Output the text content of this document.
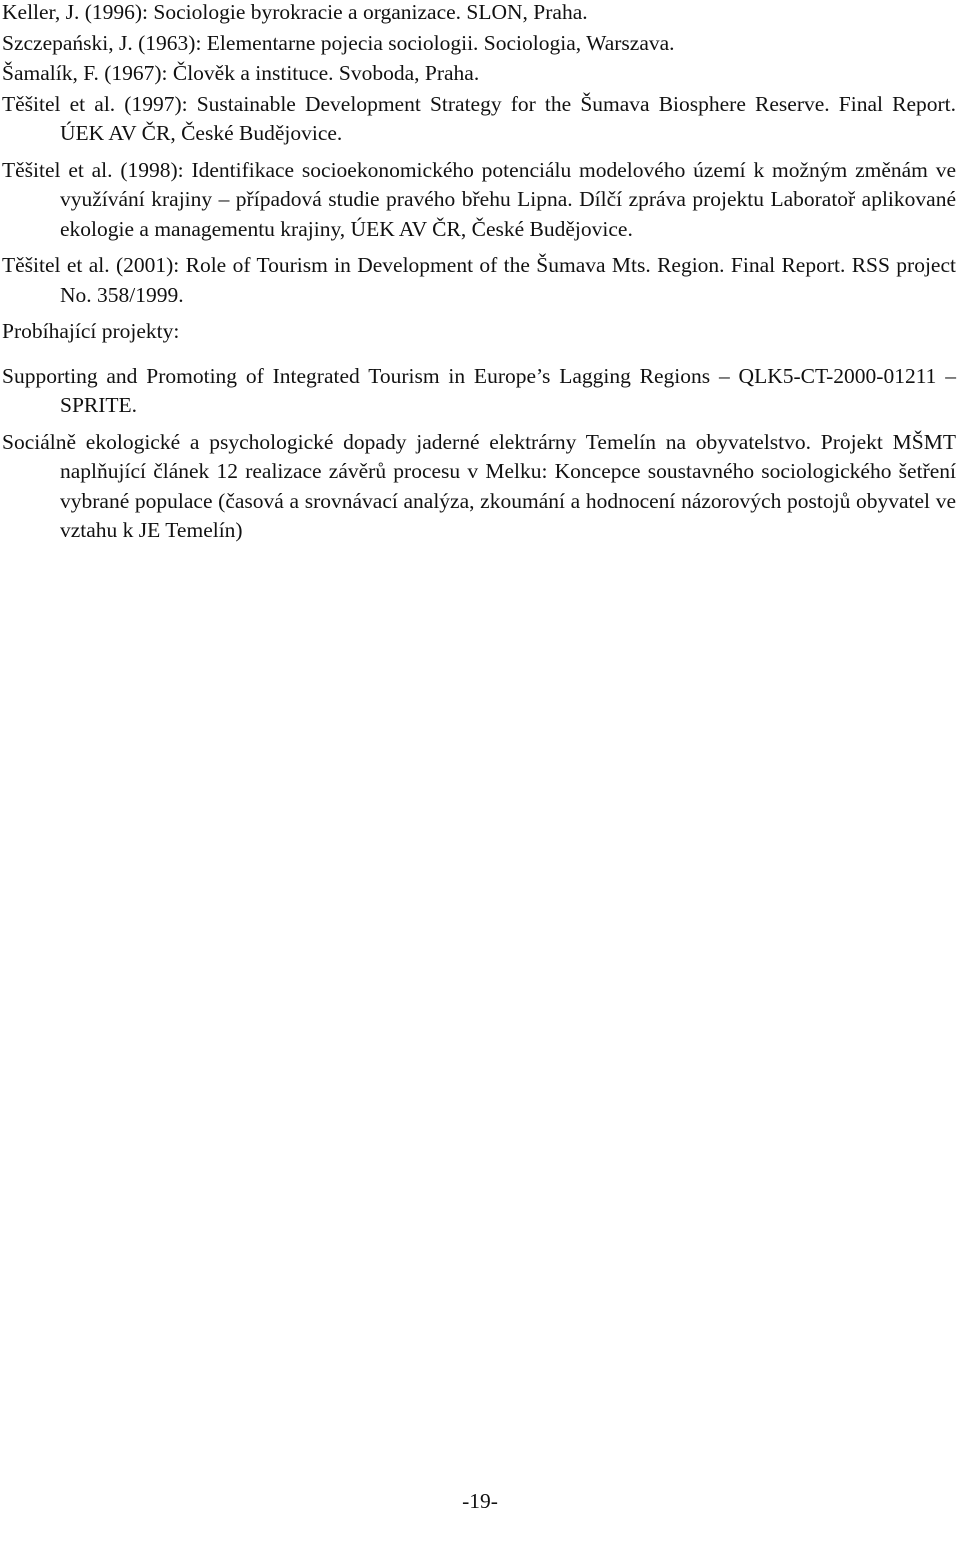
Keller, J. (1996): Sociologie byrokracie a organizace. SLON, Praha.
Szczepański, J. (1963): Elementarne pojecia sociologii. Sociologia, Warszava.
Šamalík, F. (1967): Člověk a instituce. Svoboda, Praha.
Těšitel et al. (1997): Sustainable Development Strategy for the Šumava Biosphere Reserve. Final Report. ÚEK AV ČR, České Budějovice.
Těšitel et al. (1998): Identifikace socioekonomického potenciálu modelového území k možným změnám ve využívání krajiny – případová studie pravého břehu Lipna. Dílčí zpráva projektu Laboratoř aplikované ekologie a managementu krajiny, ÚEK AV ČR, České Budějovice.
Těšitel et al. (2001): Role of Tourism in Development of the Šumava Mts. Region. Final Report. RSS project No. 358/1999.
Probíhající projekty:
Supporting and Promoting of Integrated Tourism in Europe’s Lagging Regions – QLK5-CT-2000-01211 – SPRITE.
Sociálně ekologické a psychologické dopady jaderné elektrárny Temelín na obyvatelstvo. Projekt MŠMT naplňující článek 12 realizace závěrů procesu v Melku: Koncepce soustavného sociologického šetření vybrané populace (časová a srovnávací analýza, zkoumání a hodnocení názorových postojů obyvatel ve vztahu k JE Temelín)
-19-
